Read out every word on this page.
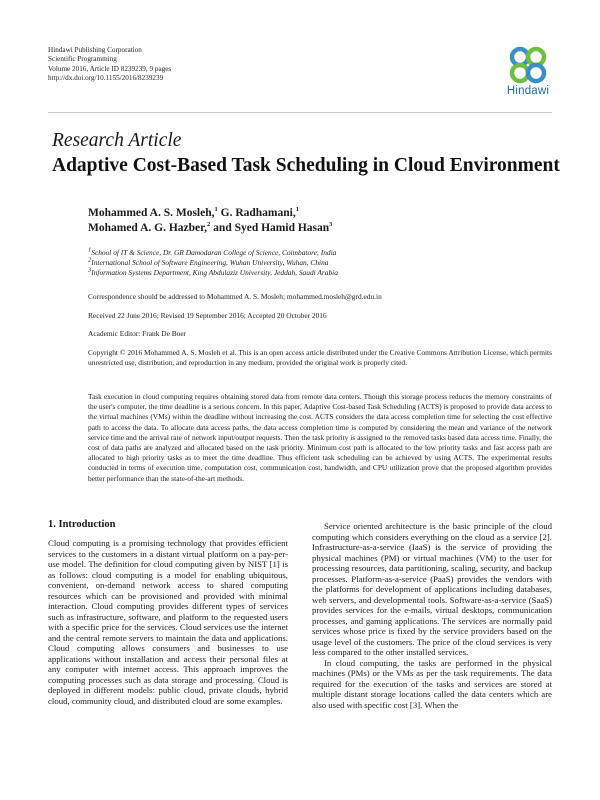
Hindawi Publishing Corporation
Scientific Programming
Volume 2016, Article ID 8239239, 9 pages
http://dx.doi.org/10.1155/2016/8239239
Hindawi
Research Article
Adaptive Cost-Based Task Scheduling in Cloud Environment
Mohammed A. S. Mosleh,$^1$ G. Radhamani,$^1$
Mohamed A. G. Hazber,$^2$ and Syed Hamid Hasan$^3$
$^1$School of IT & Science, Dr. GR Damodaran College of Science, Coimbatore, India
$^2$International School of Software Engineering, Wuhan University, Wuhan, China
$^3$Information Systems Department, King Abdulaziz University, Jeddah, Saudi Arabia
Correspondence should be addressed to Mohammed A. S. Mosleh; mohammed.mosleh@grd.edu.in
Received 22 June 2016; Revised 19 September 2016; Accepted 20 October 2016
Academic Editor: Frank De Boer
Copyright © 2016 Mohammed A. S. Mosleh et al. This is an open access article distributed under the Creative Commons Attribution License, which permits unrestricted use, distribution, and reproduction in any medium, provided the original work is properly cited.
Task execution in cloud computing requires obtaining stored data from remote data centers. Though this storage process reduces the memory constraints of the user's computer, the time deadline is a serious concern. In this paper, Adaptive Cost-based Task Scheduling (ACTS) is proposed to provide data access to the virtual machines (VMs) within the deadline without increasing the cost. ACTS considers the data access completion time for selecting the cost effective path to access the data. To allocate data access paths, the data access completion time is computed by considering the mean and variance of the network service time and the arrival rate of network input/output requests. Then the task priority is assigned to the removed tasks based data access time. Finally, the cost of data paths are analyzed and allocated based on the task priority. Minimum cost path is allocated to the low priority tasks and fast access path are allocated to high priority tasks as to meet the time deadline. Thus efficient task scheduling can be achieved by using ACTS. The experimental results conducted in terms of execution time, computation cost, communication cost, bandwidth, and CPU utilization prove that the proposed algorithm provides better performance than the state-of-the-art methods.
1. Introduction

Cloud computing is a promising technology that provides efficient services to the customers in a distant virtual platform on a pay-per-use model. The definition for cloud computing given by NIST [1] is as follows: cloud computing is a model for enabling ubiquitous, convenient, on-demand network access to shared computing resources which can be provisioned and provided with minimal interaction. Cloud computing provides different types of services such as infrastructure, software, and platform to the requested users with a specific price for the services. Cloud services use the internet and the central remote servers to maintain the data and applications. Cloud computing allows consumers and businesses to use applications without installation and access their personal files at any computer with internet access. This approach improves the computing processes such as data storage and processing. Cloud is deployed in different models: public cloud, private clouds, hybrid cloud, community cloud, and distributed cloud are some examples.

Service oriented architecture is the basic principle of the cloud computing which considers everything on the cloud as a service [2]. Infrastructure-as-a-service (IaaS) is the service of providing the physical machines (PM) or virtual machines (VM) to the user for processing resources, data partitioning, scaling, security, and backup processes. Platform-as-a-service (PaaS) provides the vendors with the platforms for development of applications including databases, web servers, and developmental tools. Software-as-a-service (SaaS) provides services for the e-mails, virtual desktops, communication processes, and gaming applications. The services are normally paid services whose price is fixed by the service providers based on the usage level of the customers. The price of the cloud services is very less compared to the other installed services.

In cloud computing, the tasks are performed in the physical machines (PMs) or the VMs as per the task requirements. The data required for the execution of the tasks and services are stored at multiple distant storage locations called the data centers which are also used with specific cost [3]. When the
